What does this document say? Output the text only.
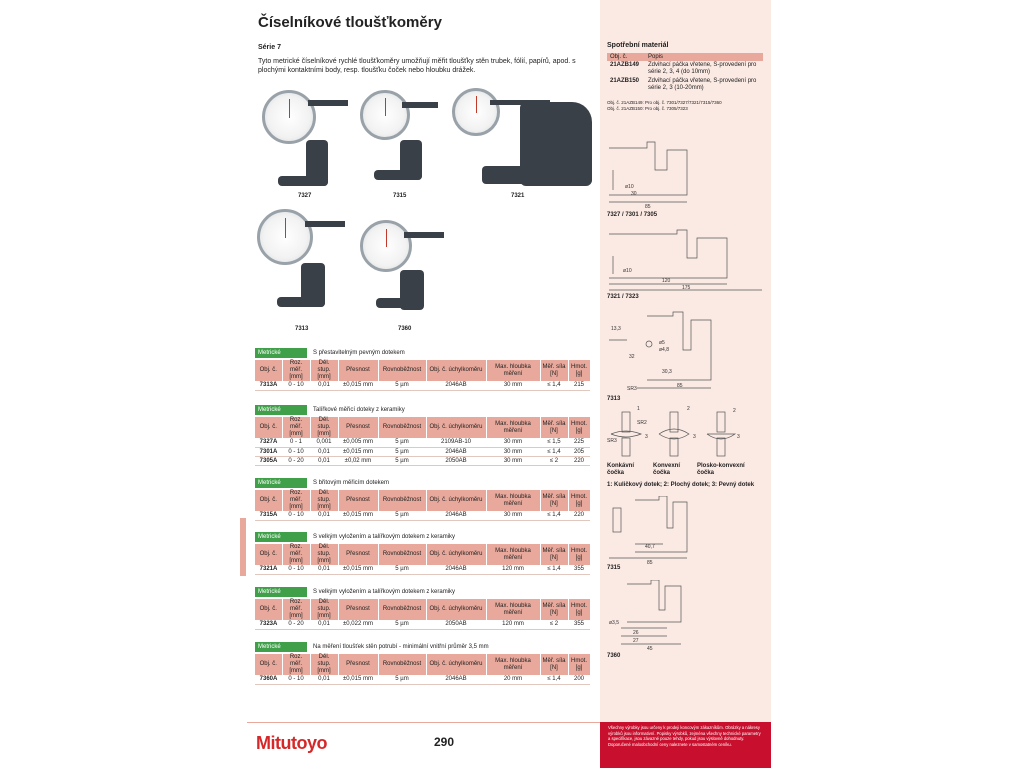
Číselníkové tloušťkoměry
Série 7
Tyto metrické číselníkové rychlé tloušťkoměry umožňují měřit tloušťky stěn trubek, fólií, papírů, apod. s plochými kontaktními body, resp. tloušťku čoček nebo hloubku drážek.
7327	7315	7321
7313	7360
Metrické	S přestavitelným pevným dotekem
Obj. č.	Roz. měř. [mm]	Děl. stup. [mm]	Přesnost	Rovnoběžnost	Obj. č. úchylkoměru	Max. hloubka měření	Měř. síla [N]	Hmot. [g]
7313A	0 - 10	0,01	±0,015 mm	5 µm	2046AB	30 mm	≤ 1,4	215
Metrické	Talířkové měřicí doteky z keramiky
Obj. č.	Roz. měř. [mm]	Děl. stup. [mm]	Přesnost	Rovnoběžnost	Obj. č. úchylkoměru	Max. hloubka měření	Měř. síla [N]	Hmot. [g]
7327A	0 - 1	0,001	±0,005 mm	5 µm	2109AB-10	30 mm	≤ 1,5	225
7301A	0 - 10	0,01	±0,015 mm	5 µm	2046AB	30 mm	≤ 1,4	205
7305A	0 - 20	0,01	±0,02 mm	5 µm	2050AB	30 mm	≤ 2	220
Metrické	S břitovým měřicím dotekem
Obj. č.	Roz. měř. [mm]	Děl. stup. [mm]	Přesnost	Rovnoběžnost	Obj. č. úchylkoměru	Max. hloubka měření	Měř. síla [N]	Hmot. [g]
7315A	0 - 10	0,01	±0,015 mm	5 µm	2046AB	30 mm	≤ 1,4	220
Metrické	S velkým vyložením a talířkovým dotekem z keramiky
Obj. č.	Roz. měř. [mm]	Děl. stup. [mm]	Přesnost	Rovnoběžnost	Obj. č. úchylkoměru	Max. hloubka měření	Měř. síla [N]	Hmot. [g]
7321A	0 - 10	0,01	±0,015 mm	5 µm	2046AB	120 mm	≤ 1,4	355
Metrické	S velkým vyložením a talířkovým dotekem z keramiky
Obj. č.	Roz. měř. [mm]	Děl. stup. [mm]	Přesnost	Rovnoběžnost	Obj. č. úchylkoměru	Max. hloubka měření	Měř. síla [N]	Hmot. [g]
7323A	0 - 20	0,01	±0,022 mm	5 µm	2050AB	120 mm	≤ 2	355
Metrické	Na měření tloušťek stěn potrubí - minimální vnitřní průměr 3,5 mm
Obj. č.	Roz. měř. [mm]	Děl. stup. [mm]	Přesnost	Rovnoběžnost	Obj. č. úchylkoměru	Max. hloubka měření	Měř. síla [N]	Hmot. [g]
7360A	0 - 10	0,01	±0,015 mm	5 µm	2046AB	20 mm	≤ 1,4	200
Spotřební materiál
Obj. č.	Popis
21AZB149	Zdvihací páčka vřetene, S-provedení pro série 2, 3, 4 (do 10mm)
21AZB150	Zdvihací páčka vřetene, S-provedení pro série 2, 3 (10-20mm)
Obj. č. 21AZB149: Pro obj. č. 7301/7327/7321/7315/7360
Obj. č. 21AZB150: Pro obj. č. 7305/7323
ø10
30
85
7327 / 7301 / 7305
ø10
120
175
7321 / 7323
ø5
ø4,8
30,3
85
SR3
13,3
32
7313
1	2	2
3	3	3
SR2
SR3
Konkávní čočka
Konvexní čočka
Plosko-konvexní čočka
1: Kuličkový dotek; 2: Plochý dotek; 3: Pevný dotek
40,7
85
7315
ø3,5
26
27
45
7360
Mitutoyo	290
Všechny výrobky jsou určeny k prodeji koncovým zákazníkům. Obrázky a nákresy výrobků jsou informativní. Popisky výrobků, zejména všechny technické parametry a specifikace, jsou závazné pouze tehdy, pokud jsou výslovně dohodnuty. Doporučené maloobchodní ceny naleznete v samostatném ceníku.
